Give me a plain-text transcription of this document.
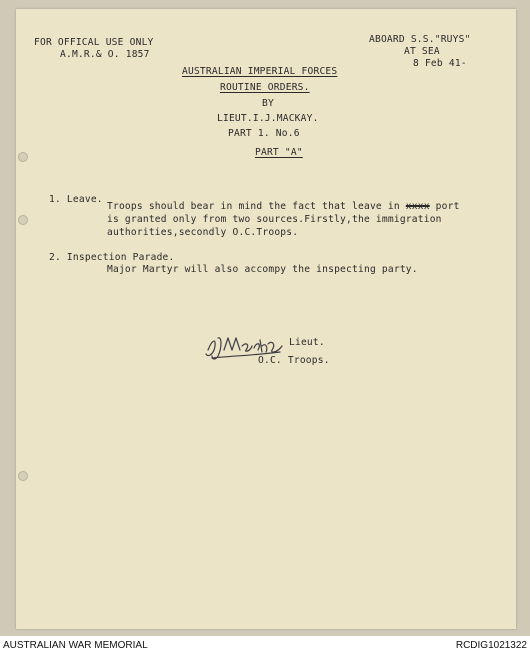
FOR OFFICAL USE ONLY
A.M.R.& O. 1857
ABOARD S.S."RUYS"
AT SEA
8 Feb 41-
AUSTRALIAN IMPERIAL FORCES
ROUTINE ORDERS.
BY
LIEUT.I.J.MACKAY.
PART 1. No.6
PART "A"
1. Leave.
Troops should bear in mind the fact that leave in xxxx port
is granted only from two sources.Firstly,the immigration
authorities,secondly O.C.Troops.
2. Inspection Parade.
Major Martyr will also accompy the inspecting party.
Lieut.
O.C. Troops.
AUSTRALIAN WAR MEMORIAL	RCDIG1021322
